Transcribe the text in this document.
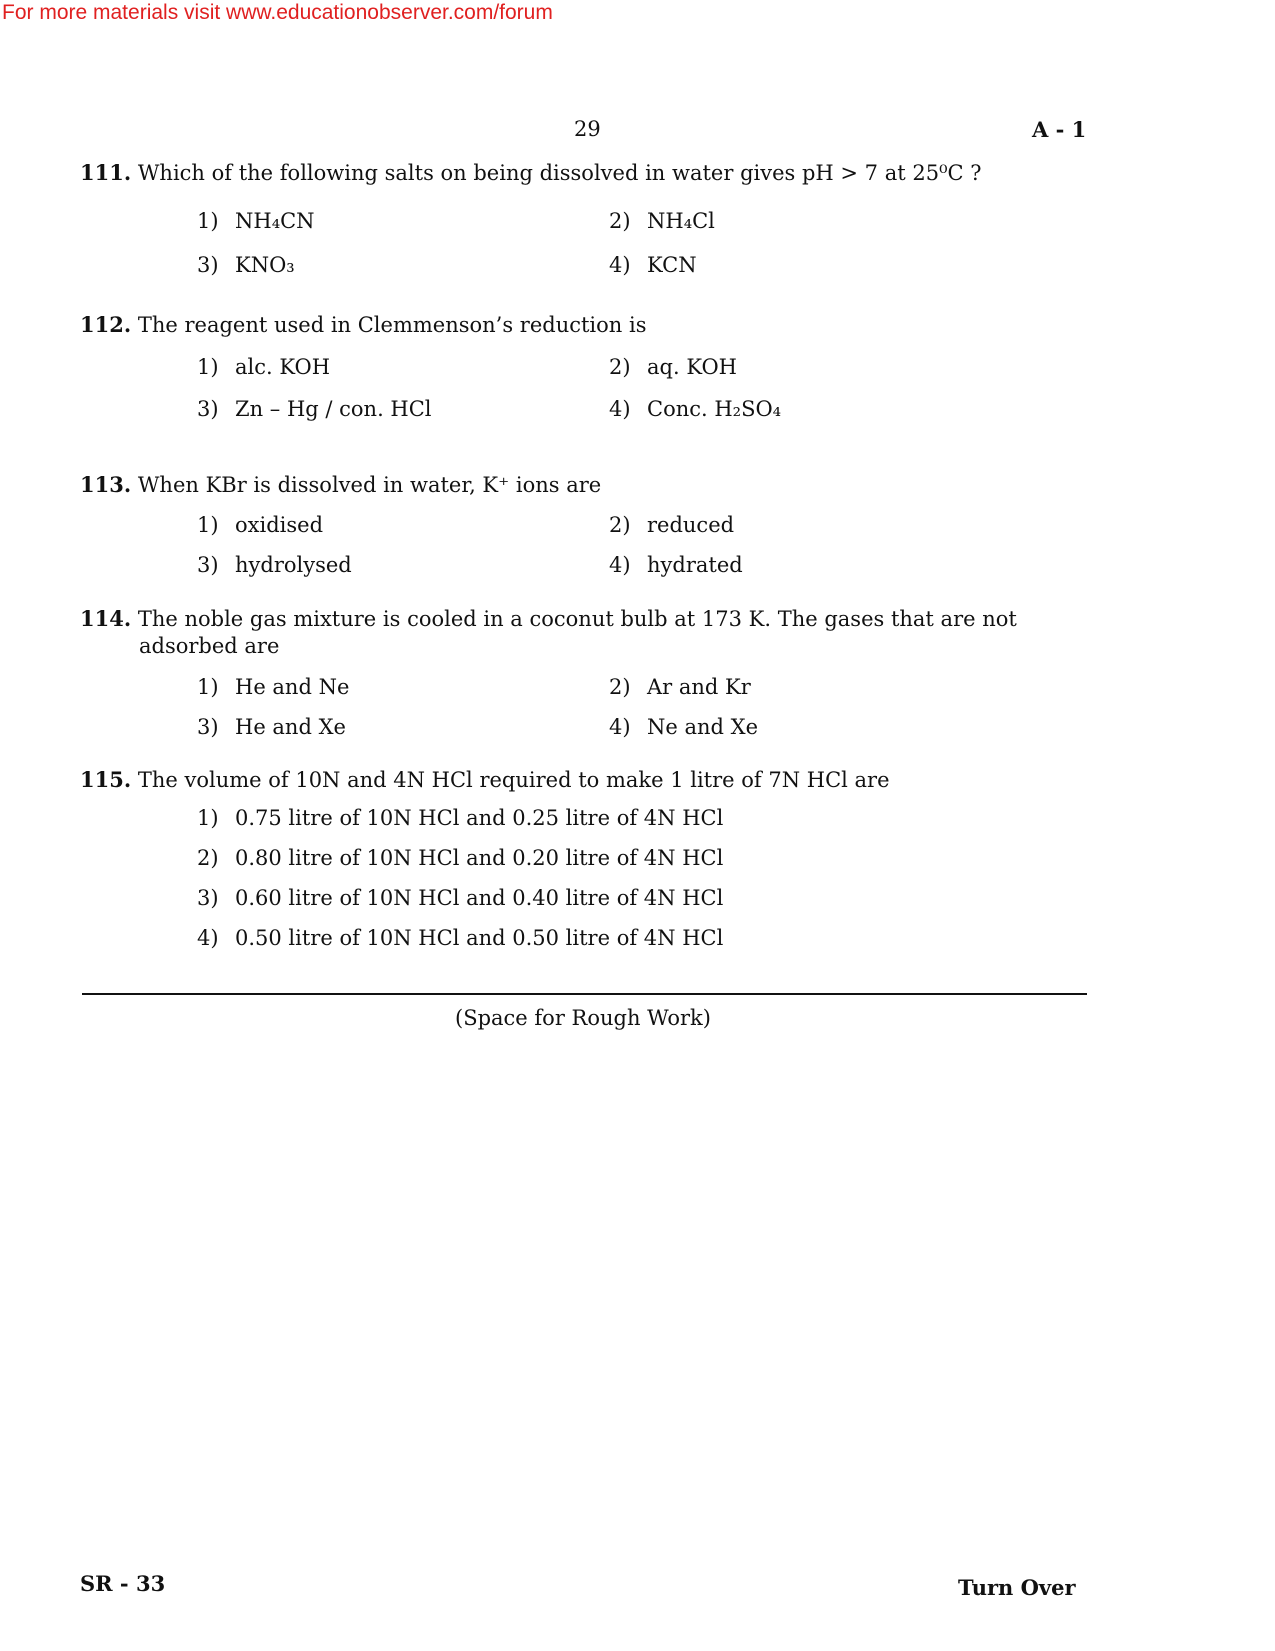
For more materials visit www.educationobserver.com/forum
29	A - 1
111. Which of the following salts on being dissolved in water gives pH > 7 at 25⁰C ?
1) NH₄CN	2) NH₄Cl
3) KNO₃	4) KCN
112. The reagent used in Clemmenson’s reduction is
1) alc. KOH	2) aq. KOH
3) Zn – Hg / con. HCl	4) Conc. H₂SO₄
113. When KBr is dissolved in water, K⁺ ions are
1) oxidised	2) reduced
3) hydrolysed	4) hydrated
114. The noble gas mixture is cooled in a coconut bulb at 173 K. The gases that are not
adsorbed are
1) He and Ne	2) Ar and Kr
3) He and Xe	4) Ne and Xe
115. The volume of 10N and 4N HCl required to make 1 litre of 7N HCl are
1) 0.75 litre of 10N HCl and 0.25 litre of 4N HCl
2) 0.80 litre of 10N HCl and 0.20 litre of 4N HCl
3) 0.60 litre of 10N HCl and 0.40 litre of 4N HCl
4) 0.50 litre of 10N HCl and 0.50 litre of 4N HCl
(Space for Rough Work)
SR - 33	Turn Over
